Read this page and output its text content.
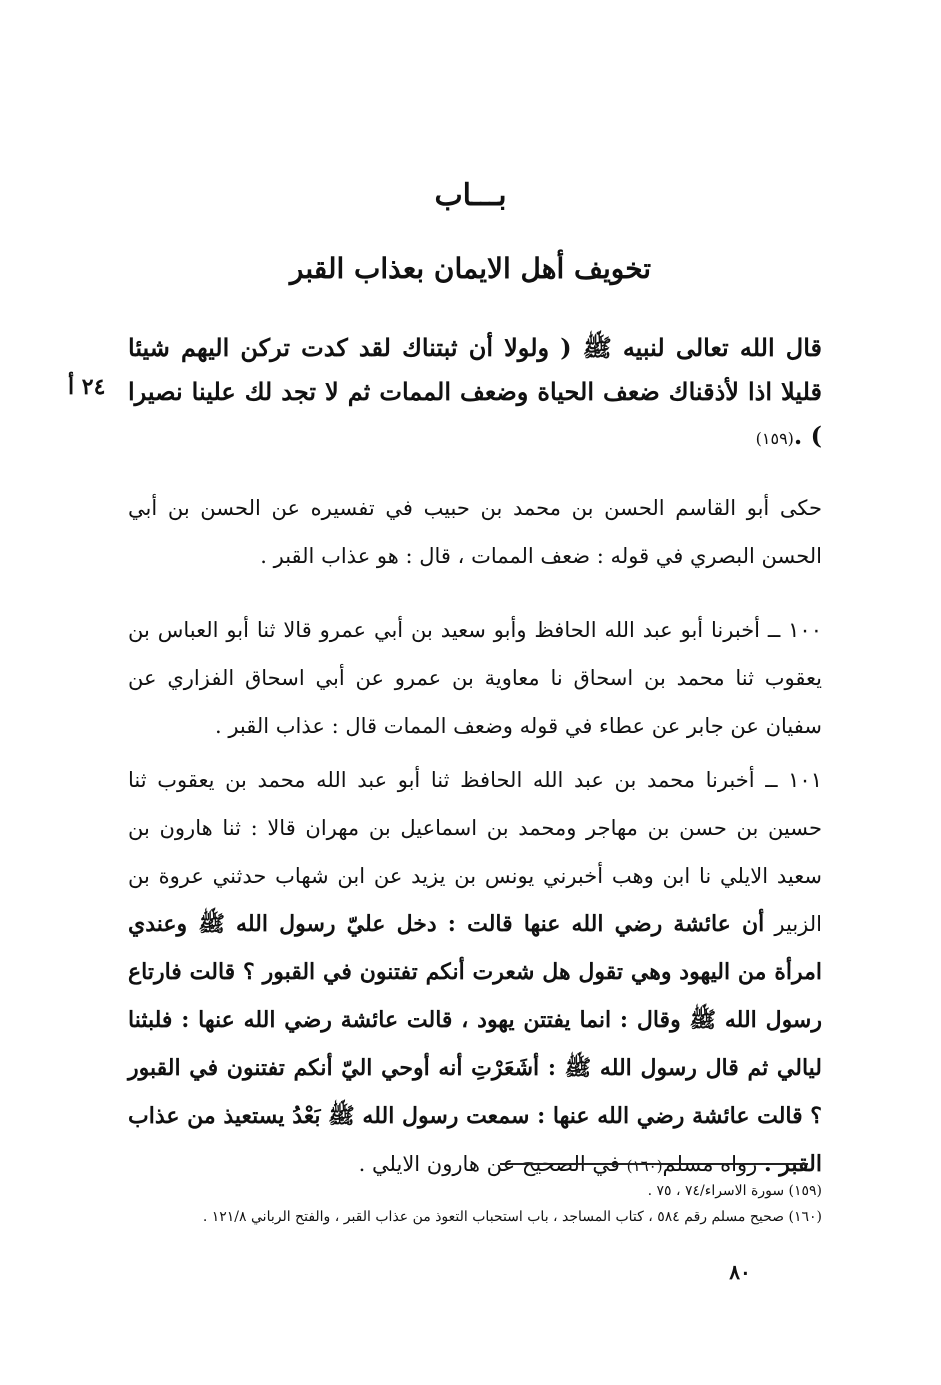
بـــاب
تخويف أهل الايمان بعذاب القبر
قال الله تعالى لنبيه ﷺ ( ولولا أن ثبتناك لقد كدت تركن اليهم شيئا قليلا اذا لأذقناك ضعف الحياة وضعف الممات ثم لا تجد لك علينا نصيرا ) .(١٥٩)
٢٤ أ

حكى أبو القاسم الحسن بن محمد بن حبيب في تفسيره عن الحسن بن أبي الحسن البصري في قوله : ضعف الممات ، قال : هو عذاب القبر .

١٠٠ ــ أخبرنا أبو عبد الله الحافظ وأبو سعيد بن أبي عمرو قالا ثنا أبو العباس بن يعقوب ثنا محمد بن اسحاق نا معاوية بن عمرو عن أبي اسحاق الفزاري عن سفيان عن جابر عن عطاء في قوله وضعف الممات قال : عذاب القبر .

١٠١ ــ أخبرنا محمد بن عبد الله الحافظ ثنا أبو عبد الله محمد بن يعقوب ثنا حسين بن حسن بن مهاجر ومحمد بن اسماعيل بن مهران قالا : ثنا هارون بن سعيد الايلي نا ابن وهب أخبرني يونس بن يزيد عن ابن شهاب حدثني عروة بن الزبير أن عائشة رضي الله عنها قالت : دخل عليّ رسول الله ﷺ وعندي امرأة من اليهود وهي تقول هل شعرت أنكم تفتنون في القبور ؟ قالت فارتاع رسول الله ﷺ وقال : انما يفتتن يهود ، قالت عائشة رضي الله عنها : فلبثنا ليالي ثم قال رسول الله ﷺ : أشَعَرْتِ أنه أوحي اليّ أنكم تفتنون في القبور ؟ قالت عائشة رضي الله عنها : سمعت رسول الله ﷺ بَعْدُ يستعيذ من عذاب القبر . رواه مسلم(١٦٠) في الصحيح عن هارون الايلي .

(١٥٩) سورة الاسراء/٧٤ ، ٧٥ .

(١٦٠) صحيح مسلم رقم ٥٨٤ ، كتاب المساجد ، باب استحباب التعوذ من عذاب القبر ، والفتح الرباني ١٢١/٨ .

٨٠
